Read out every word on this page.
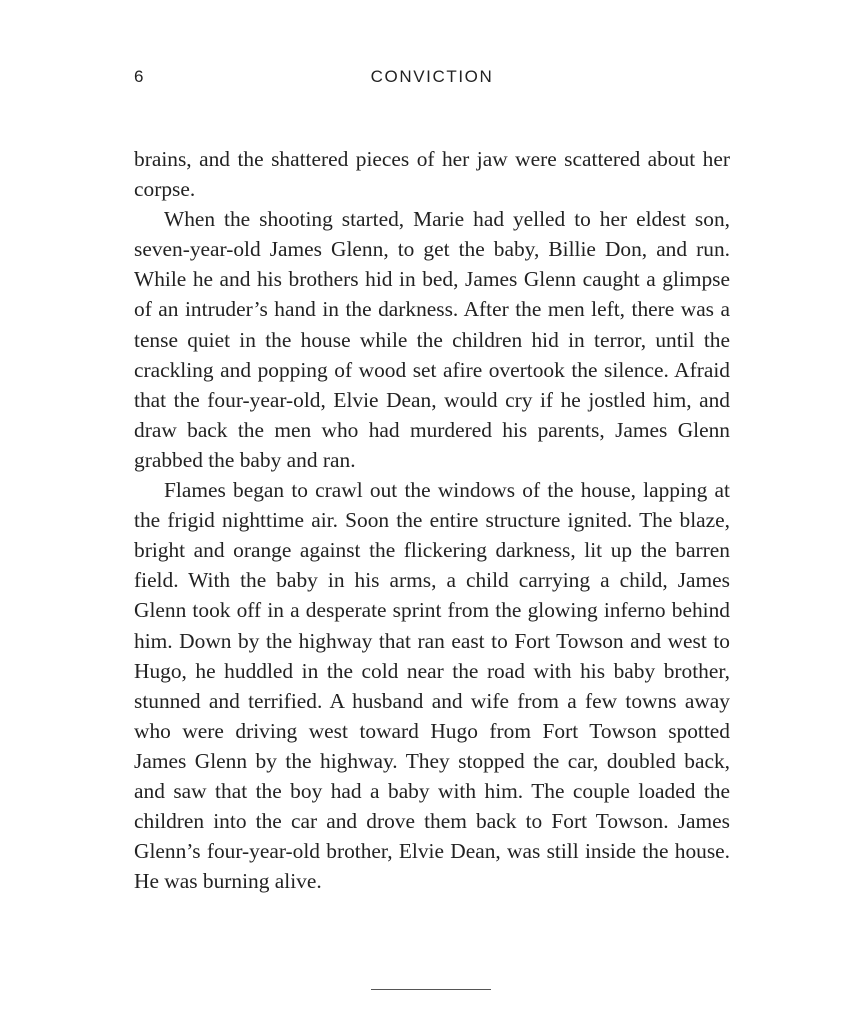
6	CONVICTION

brains, and the shattered pieces of her jaw were scattered about her corpse.

When the shooting started, Marie had yelled to her eldest son, seven-year-old James Glenn, to get the baby, Billie Don, and run. While he and his brothers hid in bed, James Glenn caught a glimpse of an intruder’s hand in the darkness. After the men left, there was a tense quiet in the house while the children hid in terror, until the crackling and popping of wood set afire overtook the silence. Afraid that the four-year-old, Elvie Dean, would cry if he jostled him, and draw back the men who had murdered his parents, James Glenn grabbed the baby and ran.

Flames began to crawl out the windows of the house, lapping at the frigid nighttime air. Soon the entire structure ignited. The blaze, bright and orange against the flickering darkness, lit up the barren field. With the baby in his arms, a child carrying a child, James Glenn took off in a desperate sprint from the glowing inferno behind him. Down by the highway that ran east to Fort Towson and west to Hugo, he huddled in the cold near the road with his baby brother, stunned and terrified. A husband and wife from a few towns away who were driving west toward Hugo from Fort Towson spotted James Glenn by the highway. They stopped the car, doubled back, and saw that the boy had a baby with him. The couple loaded the children into the car and drove them back to Fort Towson. James Glenn’s four-year-old brother, Elvie Dean, was still inside the house. He was burning alive.
